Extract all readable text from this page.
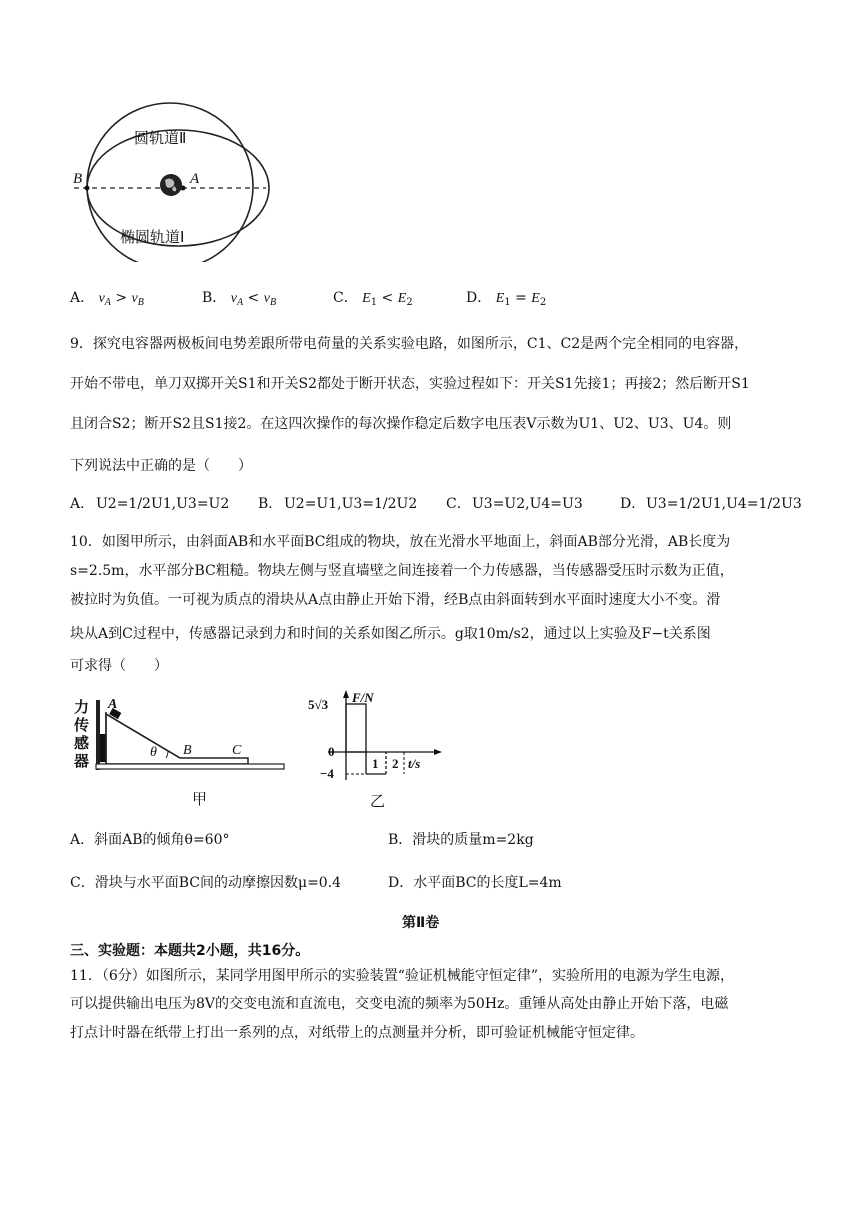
B	A
圆轨道Ⅱ
椭圆轨道Ⅰ
A． $v_A > v_B$	B． $v_A < v_B$	C． $E_1 < E_2$	D． $E_1 = E_2$
9．探究电容器两极板间电势差跟所带电荷量的关系实验电路，如图所示，C1、C2是两个完全相同的电容器，
开始不带电，单刀双掷开关S1和开关S2都处于断开状态，实验过程如下：开关S1先接1；再接2；然后断开S1
且闭合S2；断开S2且S1接2。在这四次操作的每次操作稳定后数字电压表V示数为U1、U2、U3、U4。则
下列说法中正确的是（　　）
A． U2=1/2U1,U3=U2 B． U2=U1,U3=1/2U2 C． U3=U2,U4=U3	D． U3=1/2U1,U4=1/2U3
10．如图甲所示，由斜面AB和水平面BC组成的物块，放在光滑水平地面上，斜面AB部分光滑，AB长度为
s=2.5m，水平部分BC粗糙。物块左侧与竖直墙壁之间连接着一个力传感器，当传感器受压时示数为正值，
被拉时为负值。一可视为质点的滑块从A点由静止开始下滑，经B点由斜面转到水平面时速度大小不变。滑
块从A到C过程中，传感器记录到力和时间的关系如图乙所示。g取10m/s2，通过以上实验及F−t关系图
可求得（　　）
力
传
感
器
A
θ B	C
甲
F/N
5√3
0
−4
1 2 t/s
乙
A．斜面AB的倾角θ=60°	B．滑块的质量m=2kg
C．滑块与水平面BC间的动摩擦因数μ=0.4	D．水平面BC的长度L=4m
第Ⅱ卷
三、实验题：本题共2小题，共16分。
11．（6分）如图所示，某同学用图甲所示的实验装置“验证机械能守恒定律”，实验所用的电源为学生电源，
可以提供输出电压为8V的交变电流和直流电，交变电流的频率为50Hz。重锤从高处由静止开始下落，电磁
打点计时器在纸带上打出一系列的点，对纸带上的点测量并分析，即可验证机械能守恒定律。
